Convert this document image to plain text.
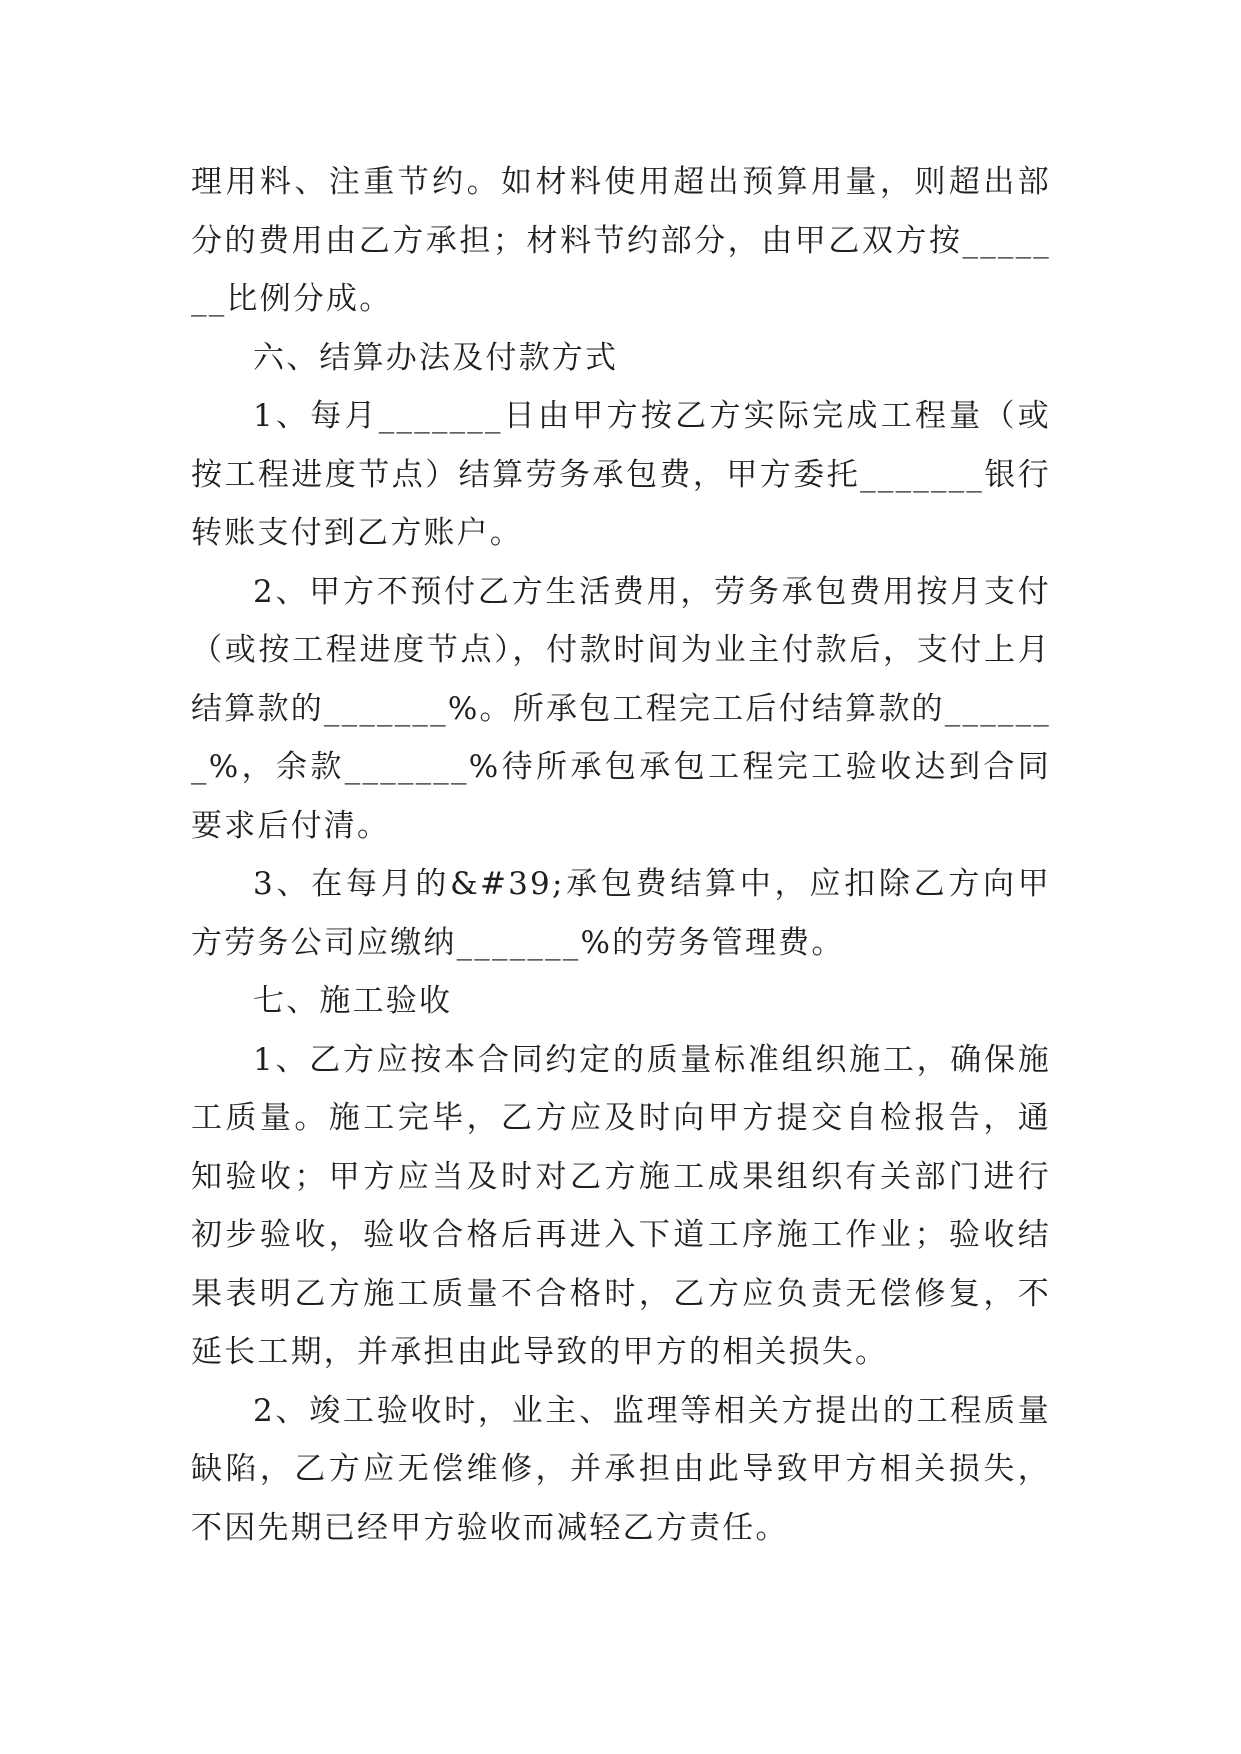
理用料、注重节约。如材料使用超出预算用量，则超出部分的费用由乙方承担；材料节约部分，由甲乙双方按_______比例分成。

六、结算办法及付款方式

1、每月_______日由甲方按乙方实际完成工程量（或按工程进度节点）结算劳务承包费，甲方委托_______银行转账支付到乙方账户。

2、甲方不预付乙方生活费用，劳务承包费用按月支付（或按工程进度节点），付款时间为业主付款后，支付上月结算款的_______%。所承包工程完工后付结算款的_______%，余款_______%待所承包承包工程完工验收达到合同要求后付清。

3、在每月的&#39;承包费结算中，应扣除乙方向甲方劳务公司应缴纳_______%的劳务管理费。

七、施工验收

1、乙方应按本合同约定的质量标准组织施工，确保施工质量。施工完毕，乙方应及时向甲方提交自检报告，通知验收；甲方应当及时对乙方施工成果组织有关部门进行初步验收，验收合格后再进入下道工序施工作业；验收结果表明乙方施工质量不合格时，乙方应负责无偿修复，不延长工期，并承担由此导致的甲方的相关损失。

2、竣工验收时，业主、监理等相关方提出的工程质量缺陷，乙方应无偿维修，并承担由此导致甲方相关损失，不因先期已经甲方验收而减轻乙方责任。
